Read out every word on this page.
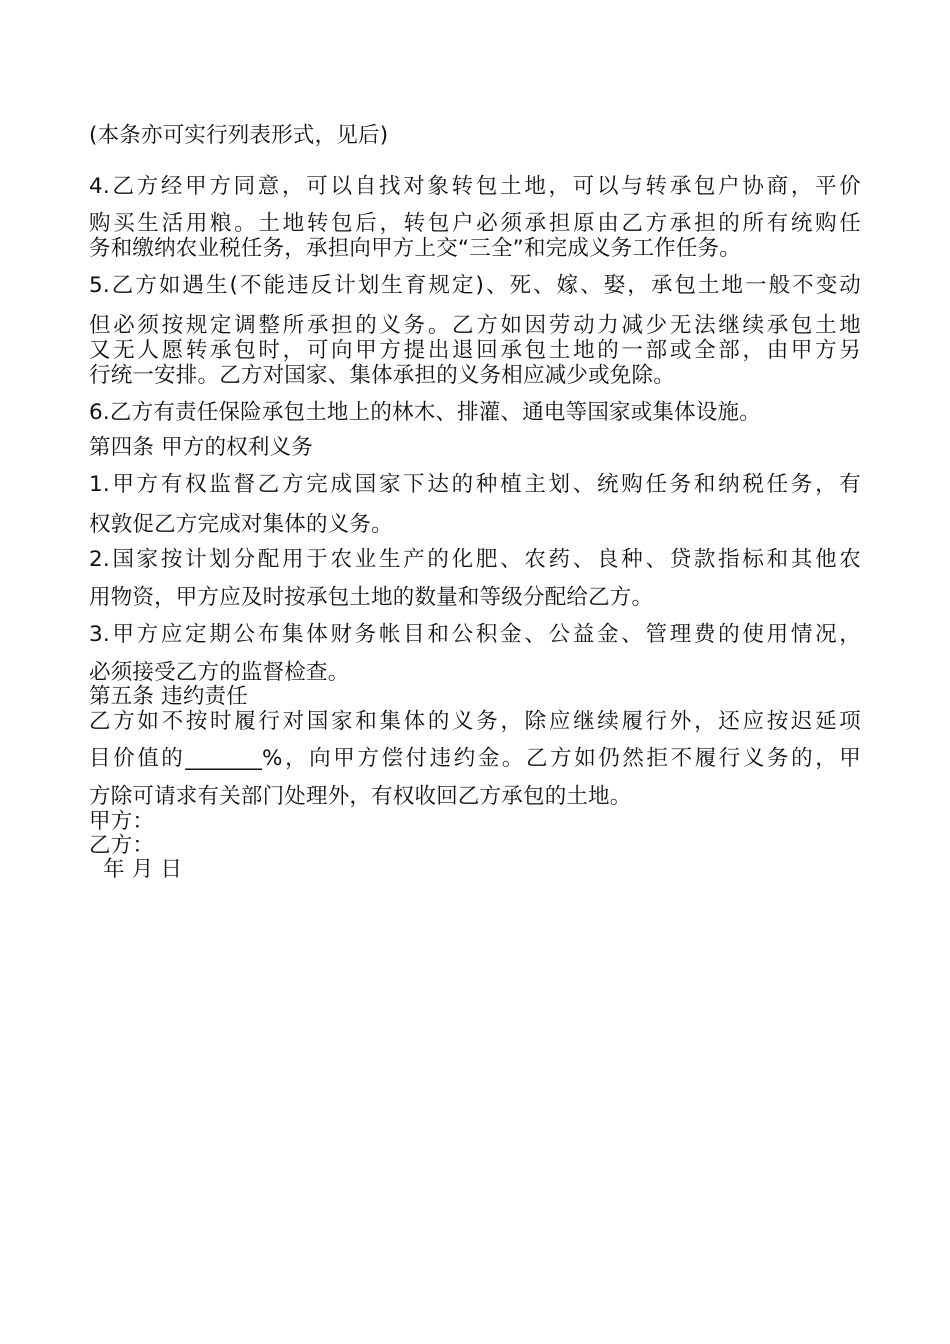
(本条亦可实行列表形式，见后)
4.乙方经甲方同意，可以自找对象转包土地，可以与转承包户协商，平价
购买生活用粮。土地转包后，转包户必须承担原由乙方承担的所有统购任
务和缴纳农业税任务，承担向甲方上交“三全”和完成义务工作任务。
5.乙方如遇生(不能违反计划生育规定)、死、嫁、娶，承包土地一般不变动
但必须按规定调整所承担的义务。乙方如因劳动力减少无法继续承包土地
又无人愿转承包时，可向甲方提出退回承包土地的一部或全部，由甲方另
行统一安排。乙方对国家、集体承担的义务相应减少或免除。
6.乙方有责任保险承包土地上的林木、排灌、通电等国家或集体设施。
第四条 甲方的权利义务
1.甲方有权监督乙方完成国家下达的种植主划、统购任务和纳税任务，有
权敦促乙方完成对集体的义务。
2.国家按计划分配用于农业生产的化肥、农药、良种、贷款指标和其他农
用物资，甲方应及时按承包土地的数量和等级分配给乙方。
3.甲方应定期公布集体财务帐目和公积金、公益金、管理费的使用情况，
必须接受乙方的监督检查。
第五条 违约责任
乙方如不按时履行对国家和集体的义务，除应继续履行外，还应按迟延项
目价值的_______%，向甲方偿付违约金。乙方如仍然拒不履行义务的，甲
方除可请求有关部门处理外，有权收回乙方承包的土地。
甲方：
乙方：
年 月 日
